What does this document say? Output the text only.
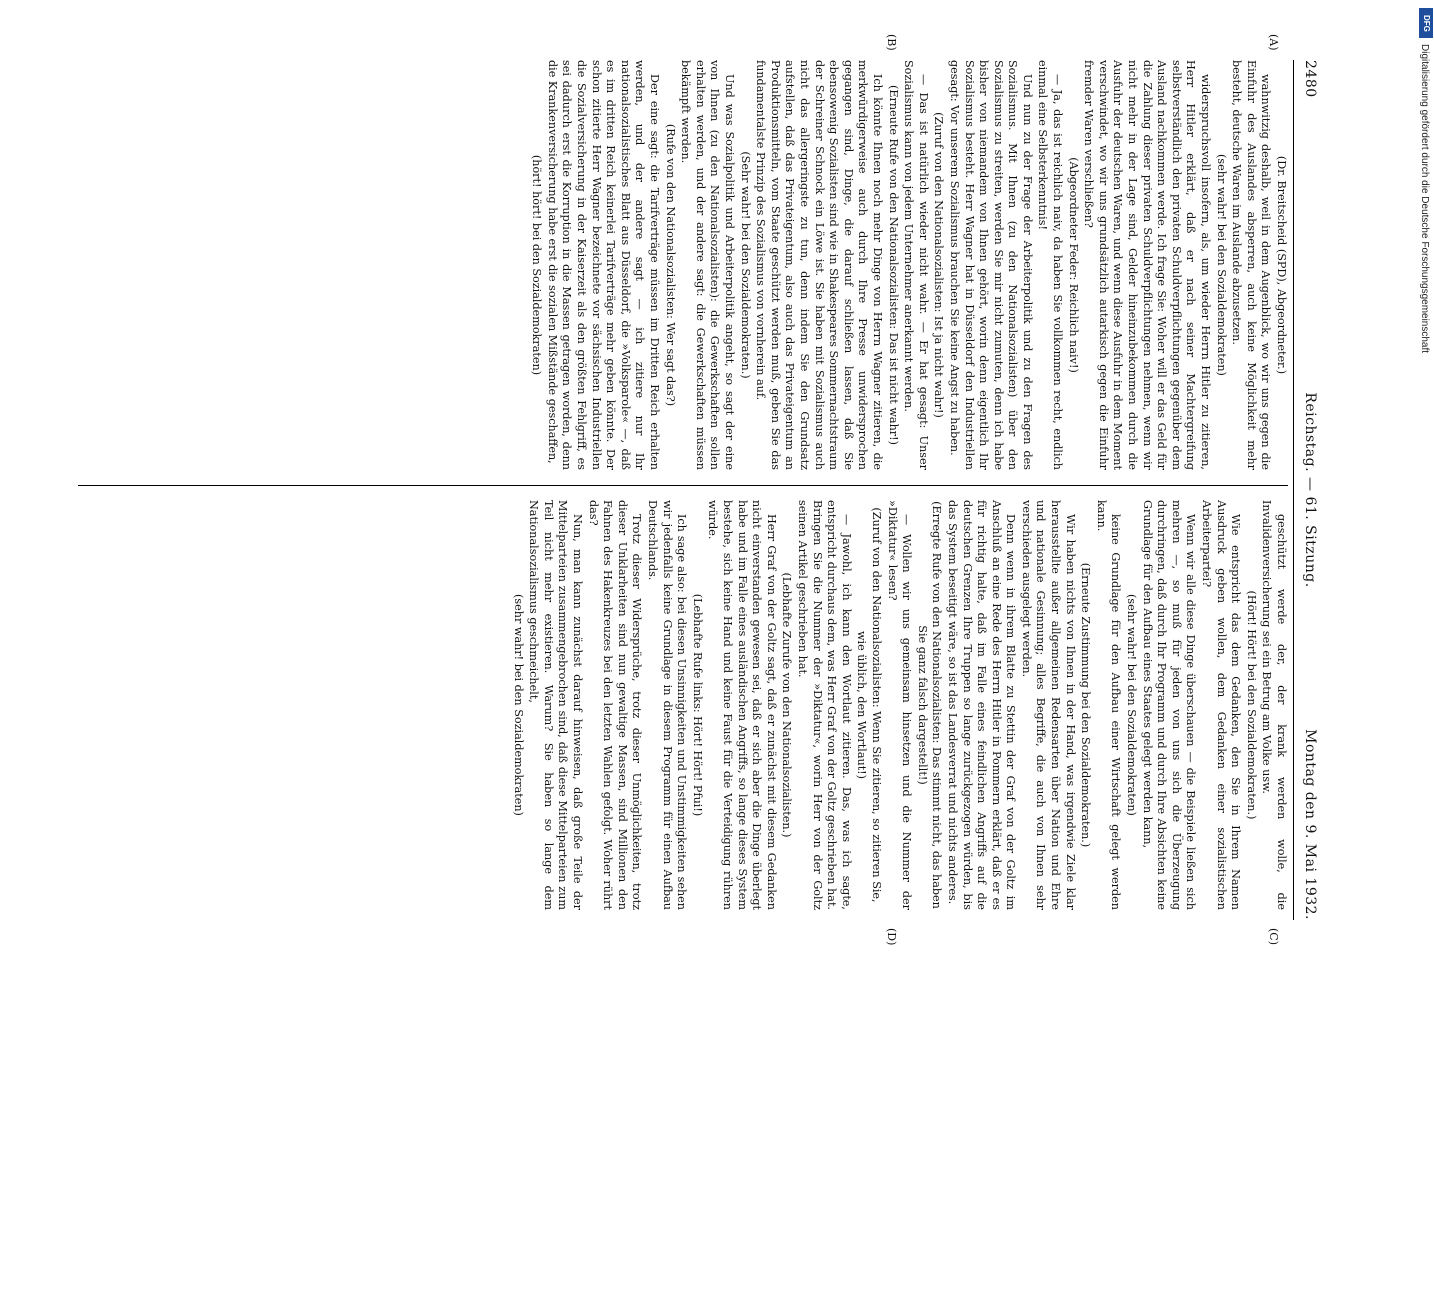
2480
Reichstag. — 61. Sitzung.
Montag den 9. Mai 1932.
(A)
(B)
(C)
(D)

(Dr. Breitscheid (SPD), Abgeordneter.)

wahnwitzig deshalb, weil in dem Augenblick, wo wir uns gegen die Einfuhr des Auslandes absperren, auch keine Möglichkeit mehr besteht, deutsche Waren im Auslande abzusetzen.

(sehr wahr! bei den Sozialdemokraten)

widerspruchsvoll insofern, als, um wieder Herrn Hitler zu zitieren, Herr Hitler erklärt, daß er nach seiner Machtergreifung selbstverständlich den privaten Schuldverpflichtungen gegenüber dem Ausland nachkommen werde. Ich frage Sie: Woher will er das Geld für die Zahlung dieser privaten Schuldverpflichtungen nehmen, wenn wir nicht mehr in der Lage sind, Gelder hineinzubekommen durch die Ausfuhr der deutschen Waren, und wenn diese Ausfuhr in dem Moment verschwindet, wo wir uns grundsätzlich autarkisch gegen die Einfuhr fremder Waren verschließen?

(Abgeordneter Feder: Reichlich naiv!)

— Ja, das ist reichlich naiv, da haben Sie vollkommen recht, endlich einmal eine Selbsterkenntnis!

Und nun zu der Frage der Arbeiterpolitik und zu den Fragen des Sozialismus. Mit Ihnen (zu den Nationalsozialisten) über den Sozialismus zu streiten, werden Sie mir nicht zumuten, denn ich habe bisher von niemandem von Ihnen gehört, worin denn eigentlich Ihr Sozialismus besteht. Herr Wagner hat in Düsseldorf den Industriellen gesagt: Vor unserem Sozialismus brauchen Sie keine Angst zu haben.

(Zuruf von den Nationalsozialisten: Ist ja nicht wahr!)

— Das ist natürlich wieder nicht wahr. — Er hat gesagt: Unser Sozialismus kann von jedem Unternehmer anerkannt werden.

(Erneute Rufe von den Nationalsozialisten: Das ist nicht wahr!)

Ich könnte Ihnen noch mehr Dinge von Herrn Wagner zitieren, die merkwürdigerweise auch durch Ihre Presse unwidersprochen gegangen sind, Dinge, die darauf schließen lassen, daß Sie ebensowenig Sozialisten sind wie in Shakespeares Sommernachtstraum der Schreiner Schnock ein Löwe ist. Sie haben mit Sozialismus auch nicht das allergeringste zu tun, denn indem Sie den Grundsatz aufstellen, daß das Privateigentum, also auch das Privateigentum an Produktionsmitteln, vom Staate geschützt werden muß, geben Sie das fundamentalste Prinzip des Sozialismus von vornherein auf.

(Sehr wahr! bei den Sozialdemokraten.)

Und was Sozialpolitik und Arbeiterpolitik angeht, so sagt der eine von Ihnen (zu den Nationalsozialisten): die Gewerkschaften sollen erhalten werden, und der andere sagt: die Gewerkschaften müssen bekämpft werden.

(Rufe von den Nationalsozialisten: Wer sagt das?)

Der eine sagt: die Tarifverträge müssen im Dritten Reich erhalten werden, und der andere sagt — ich zitiere nur Ihr nationalsozialistisches Blatt aus Düsseldorf, die »Volksparole« —, daß es im dritten Reich keinerlei Tarifverträge mehr geben könnte. Der schon zitierte Herr Wagner bezeichnete vor sächsischen Industriellen die Sozialversicherung in der Kaiserzeit als den größten Fehlgriff, es sei dadurch erst die Korruption in die Massen getragen worden, denn die Krankenversicherung habe erst die sozialen Mißstände geschaffen,

(hört! hört! bei den Sozialdemokraten)

geschützt werde der, der krank werden wolle, die Invalidenversicherung sei ein Betrug am Volke usw.

(Hört! Hört! bei den Sozialdemokraten.)

Wie entspricht das dem Gedanken, den Sie in Ihrem Namen Ausdruck geben wollen, dem Gedanken einer sozialistischen Arbeiterpartei?

Wenn wir alle diese Dinge überschauen — die Beispiele ließen sich mehren —, so muß für jeden von uns sich die Überzeugung durchringen, daß durch Ihr Programm und durch Ihre Absichten keine Grundlage für den Aufbau eines Staates gelegt werden kann,

(sehr wahr! bei den Sozialdemokraten)

keine Grundlage für den Aufbau einer Wirtschaft gelegt werden kann.

(Erneute Zustimmung bei den Sozialdemokraten.)

Wir haben nichts von Ihnen in der Hand, was irgendwie Ziele klar herausstellte außer allgemeinen Redensarten über Nation und Ehre und nationale Gesinnung; alles Begriffe, die auch von Ihnen sehr verschieden ausgelegt werden.

Denn wenn in ihrem Blatte zu Stettin der Graf von der Goltz im Anschluß an eine Rede des Herrn Hitler in Pommern erklärt, daß er es für richtig halte, daß im Falle eines feindlichen Angriffs auf die deutschen Grenzen Ihre Truppen so lange zurückgezogen würden, bis das System beseitigt wäre, so ist das Landesverrat und nichts anderes.

(Erregte Rufe von den Nationalsozialisten: Das stimmt nicht, das haben Sie ganz falsch dargestellt!)

— Wollen wir uns gemeinsam hinsetzen und die Nummer der »Diktatur« lesen?

(Zuruf von den Nationalsozialisten: Wenn Sie zitieren, so zitieren Sie, wie üblich, den Wortlaut!)

— Jawohl, ich kann den Wortlaut zitieren. Das, was ich sagte, entspricht durchaus dem, was Herr Graf von der Goltz geschrieben hat. Bringen Sie die Nummer der »Diktatur«, worin Herr von der Goltz seinen Artikel geschrieben hat.

(Lebhafte Zurufe von den Nationalsozialisten.)

Herr Graf von der Goltz sagt, daß er zunächst mit diesem Gedanken nicht einverstanden gewesen sei, daß er sich aber die Dinge überlegt habe und im Falle eines ausländischen Angriffs, so lange dieses System bestehe, sich keine Hand und keine Faust für die Verteidigung rühren würde.

(Lebhafte Rufe links: Hört! Hört! Pfui!)

Ich sage also: bei diesen Unsinnigkeiten und Unstimmigkeiten sehen wir jedenfalls keine Grundlage in diesem Programm für einen Aufbau Deutschlands.

Trotz dieser Widersprüche, trotz dieser Unmöglichkeiten, trotz dieser Unklarheiten sind nun gewaltige Massen, sind Millionen den Fahnen des Hakenkreuzes bei den letzten Wahlen gefolgt. Woher rührt das?

Nun, man kann zunächst darauf hinweisen, daß große Teile der Mittelparteien zusammengebrochen sind, daß diese Mittelparteien zum Teil nicht mehr existieren. Warum? Sie haben so lange dem Nationalsozialismus geschmeichelt,

(sehr wahr! bei den Sozialdemokraten)

DFG
Digitalisierung gefördert durch die Deutsche Forschungsgemeinschaft
